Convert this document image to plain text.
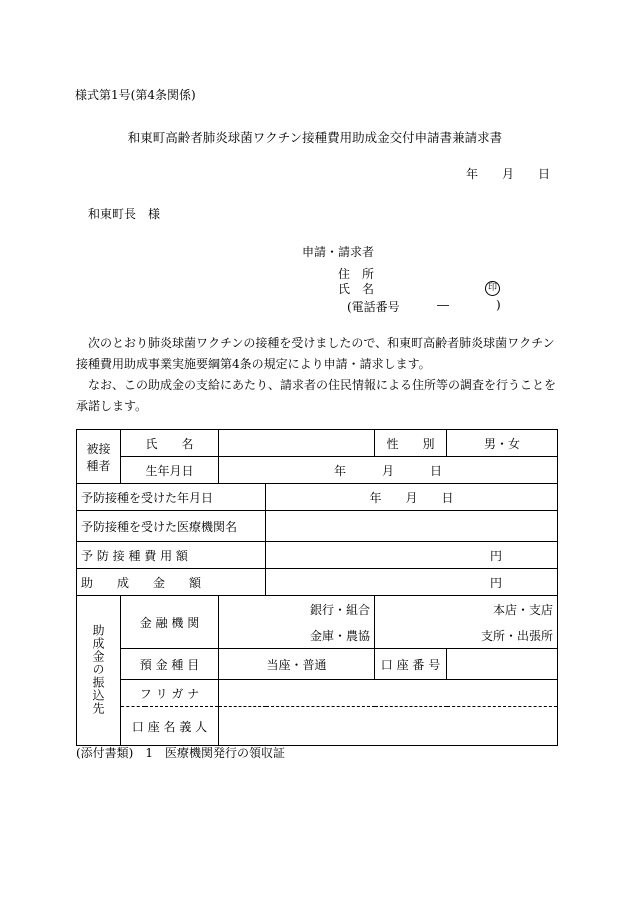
様式第1号(第4条関係)
和東町高齢者肺炎球菌ワクチン接種費用助成金交付申請書兼請求書
年　　月　　日
和東町長　様
申請・請求者
住　所
氏　名	印
(電話番号	―	)
次のとおり肺炎球菌ワクチンの接種を受けましたので、和東町高齢者肺炎球菌ワクチン接種費用助成事業実施要綱第4条の規定により申請・請求します。
なお、この助成金の支給にあたり、請求者の住民情報による住所等の調査を行うことを承諾します。
被接種者	氏　　名			性　　別	男・女
	生年月日	年　　　月　　　日			
予防接種を受けた年月日			年　　月　　日		
予防接種を受けた医療機関名					
予 防 接 種 費 用 額			円		
助　　成　　金　　額			円		
助成金の振込先	金 融 機 関	銀行・組合		本店・支店	
		金庫・農協		支所・出張所	
	預 金 種 目	当座・普通		口 座 番 号	
	フ リ ガ ナ				
	口 座 名 義 人				
(添付書類)　1　医療機関発行の領収証
